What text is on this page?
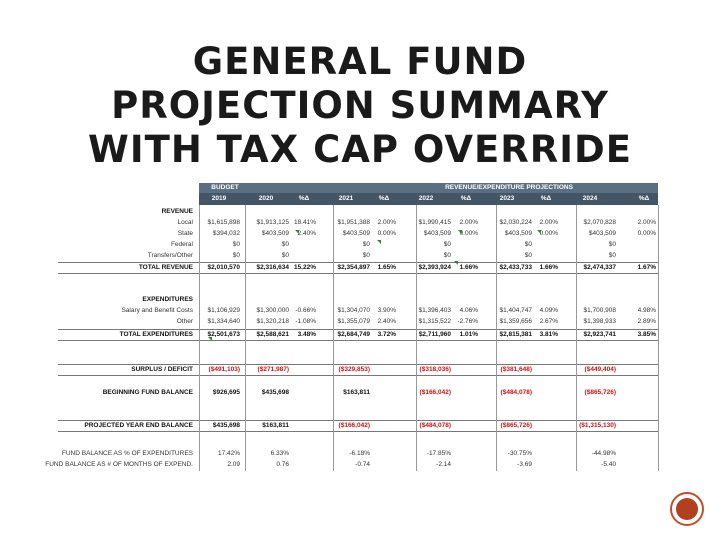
GENERAL FUND
PROJECTION SUMMARY
WITH TAX CAP OVERRIDE
BUDGET	REVENUE/EXPENDITURE PROJECTIONS
2019	2020	%Δ	2021	%Δ	2022	%Δ	2023	%Δ	2024	%Δ
REVENUE
Local $1,615,898	$1,913,125 18.41%	$1,951,388 2.00%	$1,990,415 2.00%	$2,030,224 2.00%	$2,070,828	2.00%
State	$394,032	$403,509 2.40%	$403,509 0.00%	$403,509 0.00%	$403,509 0.00%	$403,509	0.00%
Federal	$0	$0	$0	$0	$0	$0
Transfers/Other	$0	$0	$0	$0	$0	$0
TOTAL REVENUE $2,010,570	$2,316,634 15.22%	$2,354,897 1.65%	$2,393,924 1.66%	$2,433,733 1.66%	$2,474,337	1.67%
EXPENDITURES
Salary and Benefit Costs $1,106,929	$1,300,000 -0.66%	$1,304,070 3.90%	$1,396,403 4.06%	$1,404,747 4.09%	$1,700,908	4.98%
Other $1,334,640	$1,320,218 -1.08%	$1,355,079 2.40%	$1,315,522 -2.76%	$1,359,656 2.67%	$1,398,933	2.89%
TOTAL EXPENDITURES $2,501,673	$2,588,621 3.48%	$2,684,749 3.72%	$2,711,960 1.01%	$2,815,381 3.81%	$2,923,741	3.85%
SURPLUS / DEFICIT ($491,103)	($271,987)	($329,853)	($318,036)	($381,648)	($449,404)
BEGINNING FUND BALANCE	$926,695	$435,698	$163,811	($166,042)	($484,078)	($865,726)
PROJECTED YEAR END BALANCE	$435,698	$163,811	($166,042)	($484,078)	($865,726)	($1,315,130)
FUND BALANCE AS % OF EXPENDITURES	17.42%	6.33%	-6.18%	-17.85%	-30.75%	-44.98%
FUND BALANCE AS # OF MONTHS OF EXPEND.	2.09	0.76	-0.74	-2.14	-3.69	-5.40
